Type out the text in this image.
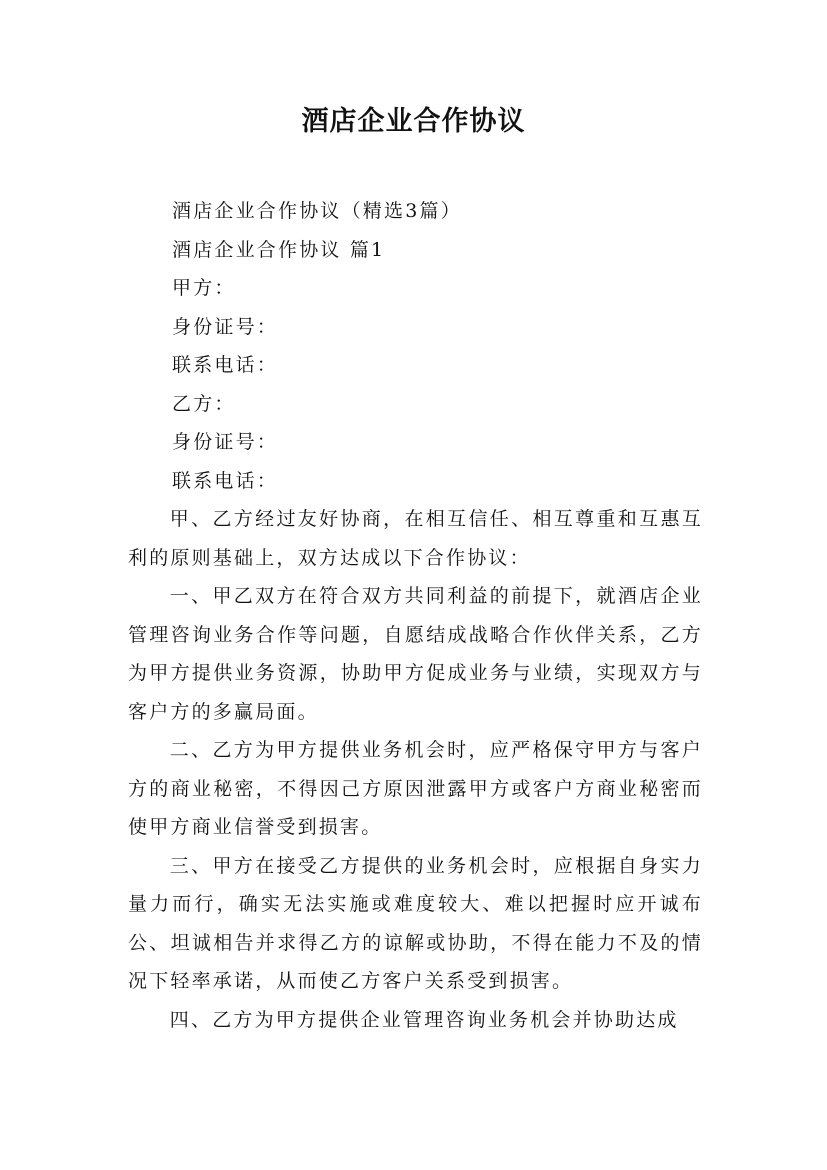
酒店企业合作协议
酒店企业合作协议（精选3篇）
酒店企业合作协议 篇1
甲方：
身份证号：
联系电话：
乙方：
身份证号：
联系电话：

甲、乙方经过友好协商，在相互信任、相互尊重和互惠互利的原则基础上，双方达成以下合作协议：

一、甲乙双方在符合双方共同利益的前提下，就酒店企业管理咨询业务合作等问题，自愿结成战略合作伙伴关系，乙方为甲方提供业务资源，协助甲方促成业务与业绩，实现双方与客户方的多赢局面。

二、乙方为甲方提供业务机会时，应严格保守甲方与客户方的商业秘密，不得因己方原因泄露甲方或客户方商业秘密而使甲方商业信誉受到损害。

三、甲方在接受乙方提供的业务机会时，应根据自身实力量力而行，确实无法实施或难度较大、难以把握时应开诚布公、坦诚相告并求得乙方的谅解或协助，不得在能力不及的情况下轻率承诺，从而使乙方客户关系受到损害。

四、乙方为甲方提供企业管理咨询业务机会并协助达成
